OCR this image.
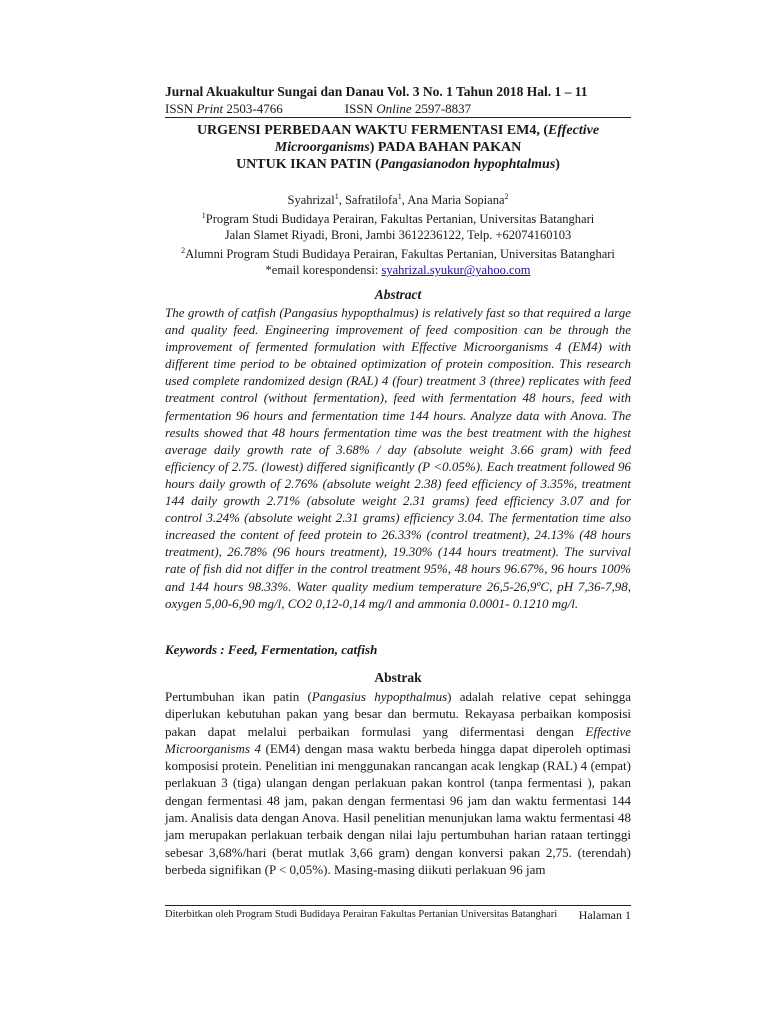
Jurnal Akuakultur Sungai dan Danau Vol. 3 No. 1 Tahun 2018 Hal. 1 – 11
ISSN Print 2503-4766	ISSN Online 2597-8837
URGENSI PERBEDAAN WAKTU FERMENTASI EM4, (Effective
Microorganisms) PADA BAHAN PAKAN
UNTUK IKAN PATIN (Pangasianodon hypophtalmus)
Syahrizal$^1$, Safratilofa$^1$, Ana Maria Sopiana$^2$
$^1$Program Studi Budidaya Perairan, Fakultas Pertanian, Universitas Batanghari
Jalan Slamet Riyadi, Broni, Jambi 3612236122, Telp. +62074160103
$^2$Alumni Program Studi Budidaya Perairan, Fakultas Pertanian, Universitas Batanghari
*email korespondensi: syahrizal.syukur@yahoo.com
Abstract
The growth of catfish (Pangasius hypopthalmus) is relatively fast so that required a large and quality feed. Engineering improvement of feed composition can be through the improvement of fermented formulation with Effective Microorganisms 4 (EM4) with different time period to be obtained optimization of protein composition. This research used complete randomized design (RAL) 4 (four) treatment 3 (three) replicates with feed treatment control (without fermentation), feed with fermentation 48 hours, feed with fermentation 96 hours and fermentation time 144 hours. Analyze data with Anova. The results showed that 48 hours fermentation time was the best treatment with the highest average daily growth rate of 3.68% / day (absolute weight 3.66 gram) with feed efficiency of 2.75. (lowest) differed significantly (P <0.05%). Each treatment followed 96 hours daily growth of 2.76% (absolute weight 2.38) feed efficiency of 3.35%, treatment 144 daily growth 2.71% (absolute weight 2.31 grams) feed efficiency 3.07 and for control 3.24% (absolute weight 2.31 grams) efficiency 3.04. The fermentation time also increased the content of feed protein to 26.33% (control treatment), 24.13% (48 hours treatment), 26.78% (96 hours treatment), 19.30% (144 hours treatment). The survival rate of fish did not differ in the control treatment 95%, 48 hours 96.67%, 96 hours 100% and 144 hours 98.33%. Water quality medium temperature 26,5-26,9ºC, pH 7,36-7,98, oxygen 5,00-6,90 mg/l, CO2 0,12-0,14 mg/l and ammonia 0.0001- 0.1210 mg/l.
Keywords : Feed, Fermentation, catfish
Abstrak
Pertumbuhan ikan patin (Pangasius hypopthalmus) adalah relative cepat sehingga diperlukan kebutuhan pakan yang besar dan bermutu. Rekayasa perbaikan komposisi pakan dapat melalui perbaikan formulasi yang difermentasi dengan Effective Microorganisms 4 (EM4) dengan masa waktu berbeda hingga dapat diperoleh optimasi komposisi protein. Penelitian ini menggunakan rancangan acak lengkap (RAL) 4 (empat) perlakuan 3 (tiga) ulangan dengan perlakuan pakan kontrol (tanpa fermentasi ), pakan dengan fermentasi 48 jam, pakan dengan fermentasi 96 jam dan waktu fermentasi 144 jam. Analisis data dengan Anova. Hasil penelitian menunjukan lama waktu fermentasi 48 jam merupakan perlakuan terbaik dengan nilai laju pertumbuhan harian rataan tertinggi sebesar 3,68%/hari (berat mutlak 3,66 gram) dengan konversi pakan 2,75. (terendah) berbeda signifikan (P < 0,05%). Masing-masing diikuti perlakuan 96 jam
Diterbitkan oleh Program Studi Budidaya Perairan Fakultas Pertanian Universitas Batanghari Halaman 1
